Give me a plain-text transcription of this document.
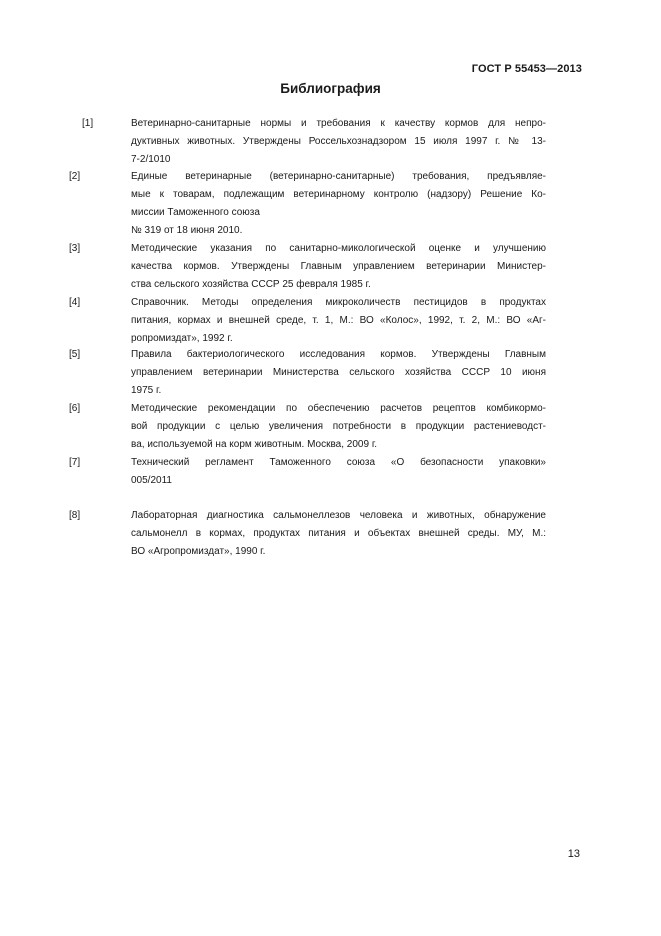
ГОСТ Р 55453—2013
Библиография
[1]	Ветеринарно-санитарные нормы и требования к качеству кормов для непро-
дуктивных животных. Утверждены Россельхознадзором 15 июля 1997 г. № 13-
7-2/1010
[2]	Единые ветеринарные (ветеринарно-санитарные) требования, предъявляе-
мые к товарам, подлежащим ветеринарному контролю (надзору) Решение Ко-
миссии Таможенного союза
№ 319 от 18 июня 2010.
[3]	Методические указания по санитарно-микологической оценке и улучшению
качества кормов. Утверждены Главным управлением ветеринарии Министер-
ства сельского хозяйства СССР 25 февраля 1985 г.
[4]	Справочник. Методы определения микроколичеств пестицидов в продуктах
питания, кормах и внешней среде, т. 1, М.: ВО «Колос», 1992, т. 2, М.: ВО «Аг-
ропромиздат», 1992 г.
[5]	Правила бактериологического исследования кормов. Утверждены Главным
управлением ветеринарии Министерства сельского хозяйства СССР 10 июня
1975 г.
[6]	Методические рекомендации по обеспечению расчетов рецептов комбикормо-
вой продукции с целью увеличения потребности в продукции растениеводст-
ва, используемой на корм животным. Москва, 2009 г.
[7]	Технический регламент Таможенного союза «О безопасности упаковки»
005/2011
[8]	Лабораторная диагностика сальмонеллезов человека и животных, обнаружение
сальмонелл в кормах, продуктах питания и объектах внешней среды. МУ, М.:
ВО «Агропромиздат», 1990 г.
13
